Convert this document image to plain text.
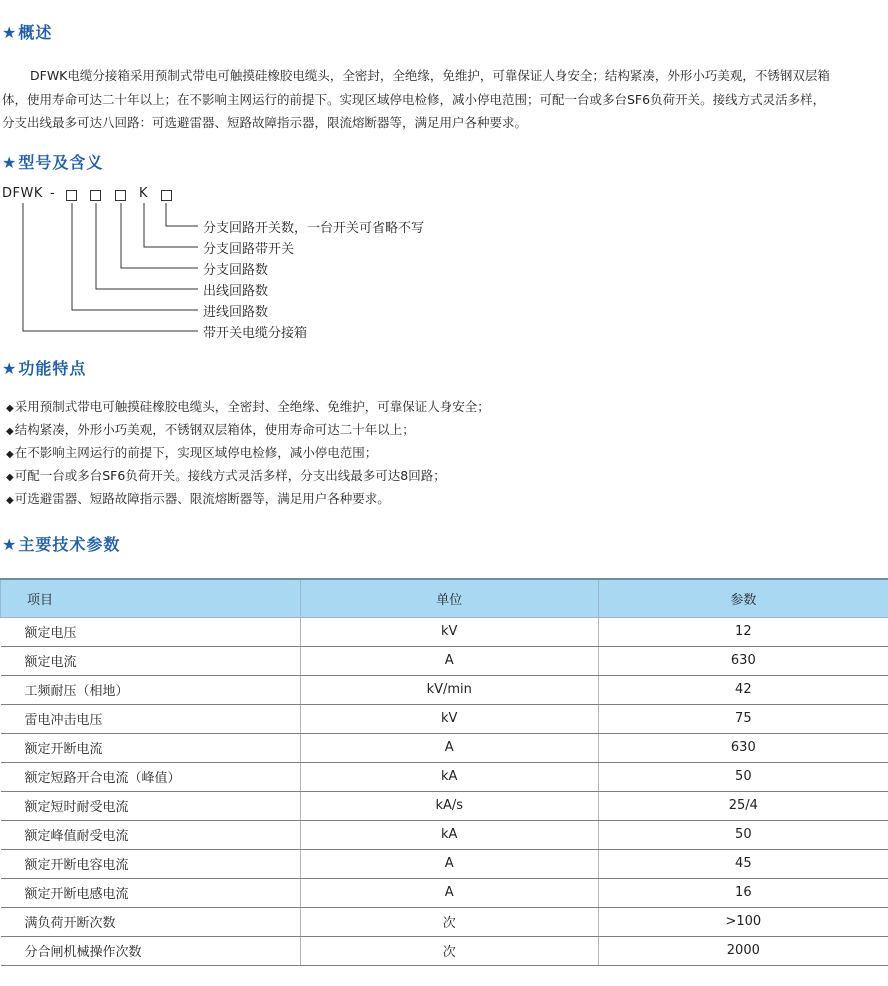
★概述
DFWK电缆分接箱采用预制式带电可触摸硅橡胶电缆头，全密封，全绝缘，免维护，可靠保证人身安全；结构紧凑，外形小巧美观，不锈钢双层箱
体，使用寿命可达二十年以上；在不影响主网运行的前提下。实现区域停电检修，减小停电范围；可配一台或多台SF6负荷开关。接线方式灵活多样，
分支出线最多可达八回路：可选避雷器、短路故障指示器，限流熔断器等，满足用户各种要求。
★型号及含义
DFWK -	K
分支回路开关数，一台开关可省略不写
分支回路带开关
分支回路数
出线回路数
进线回路数
带开关电缆分接箱
★功能特点
◆采用预制式带电可触摸硅橡胶电缆头，全密封、全绝缘、免维护，可靠保证人身安全；
◆结构紧凑，外形小巧美观，不锈钢双层箱体，使用寿命可达二十年以上；
◆在不影响主网运行的前提下，实现区域停电检修，减小停电范围；
◆可配一台或多台SF6负荷开关。接线方式灵活多样，分支出线最多可达8回路；
◆可选避雷器、短路故障指示器、限流熔断器等，满足用户各种要求。
★主要技术参数
项目	单位	参数
额定电压	kV	12
额定电流	A	630
工频耐压（相地）	kV/min	42
雷电冲击电压	kV	75
额定开断电流	A	630
额定短路开合电流（峰值）	kA	50
额定短时耐受电流	kA/s	25/4
额定峰值耐受电流	kA	50
额定开断电容电流	A	45
额定开断电感电流	A	16
满负荷开断次数	次	>100
分合闸机械操作次数	次	2000
